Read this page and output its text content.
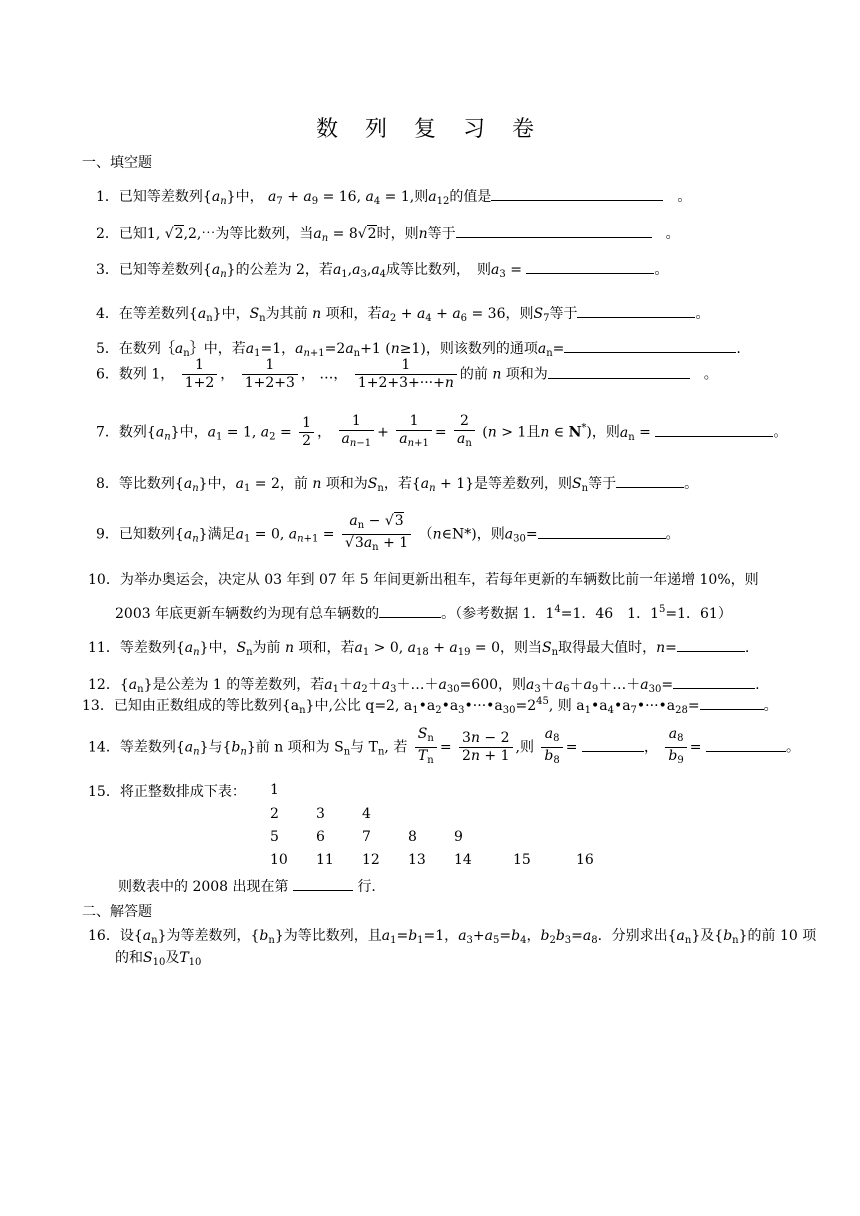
数 列 复 习 卷
一、填空题
1．已知等差数列$\{a_n\}$中， $a_7 + a_9 = 16$, $a_4 = 1$,则$a_{12}$的值是　	。
2．已知1, √2,2,⋯为等比数列，当$a_n = 8√2$时，则n等于　	。
3．已知等差数列$\{a_n\}$的公差为 2，若$a_1,a_3,a_4$成等比数列，　 则$a_3$ =	。
4．在等差数列$\{a_n\}$中，$S_n$为其前 n 项和，若$a_2 + a_4 + a_6 = 36$，则$S_7$等于	。
5．在数列$\{a_n\}$中，若$a_1=1$，$a_{n+1}=2a_n+1$ (n≥1)，则该数列的通项$a_n=$	.
6．数列 1， $\frac{1}{1+2}$ ， $\frac{1}{1+2+3}$ ， …， $\frac{1}{1+2+3+\cdot\cdot\cdot+n}$ 的前 n 项和为　	。
7．数列$\{a_n\}$中，$a_1 = 1$, $a_2 = \frac{1}{2}$ ， $\frac{1}{a_{n-1}} + \frac{1}{a_{n+1}} = \frac{2}{a_n} (n > 1$且n ∈ N*)，则$a_n$ =	。
8．等比数列$\{a_n\}$中，$a_1 = 2$，前 n 项和为$S_n$，若$\{a_n + 1\}$是等差数列，则$S_n$等于	。
9．已知数列$\{a_n\}$满足$a_1 = 0$, $a_{n+1} = \frac{a_n - √3}{√3a_n + 1}$ （n∈N*)，则$a_{30}=$	。
10．为举办奥运会，决定从 03 年到 07 年 5 年间更新出租车，若每年更新的车辆数比前一年递增 10%，则
2003 年底更新车辆数约为现有总车辆数的	。（参考数据 1．$1^4=1$．46　1．$1^5=1$．61）
11．等差数列$\{a_n\}$中，$S_n$为前 n 项和，若$a_1 > 0$, $a_{18} + a_{19} = 0$，则当$S_n$取得最大值时，n=	.
12．$\{a_n\}$是公差为 1 的等差数列，若$a_1+a_2+a_3+\dots+a_{30}=600$，则$a_3+a_6+a_9+\dots+a_{30}=$	.
13．已知由正数组成的等比数列$\{a_n\}$中,公比 q=2, $a_1•a_2•a_3•\cdot\cdot\cdot•a_{30}=2^{45}$, 则 $a_1•a_4•a_7•\cdot\cdot\cdot•a_{28}=$	。
14．等差数列$\{a_n\}$与$\{b_n\}$前 n 项和为 $S_n$与 $T_n$, 若 $\frac{S_n}{T_n} = \frac{3n - 2}{2n + 1}$ ,则 $\frac{a_8}{b_8}$ =	， $\frac{a_8}{b_9}$ =	。
15．将正整数排成下表：	1
2	3	4
5	6	7	8	9
10 11 12 13 14	15	16
则数表中的 2008 出现在第	行.
二、解答题
16．设$\{a_n\}$为等差数列，$\{b_n\}$为等比数列，且$a_1=b_1=1$，$a_3+a_5=b_4$，$b_2b_3=a_8$．分别求出$\{a_n\}$及$\{b_n\}$的前 10 项
的和$S_{10}$及$T_{10}$
